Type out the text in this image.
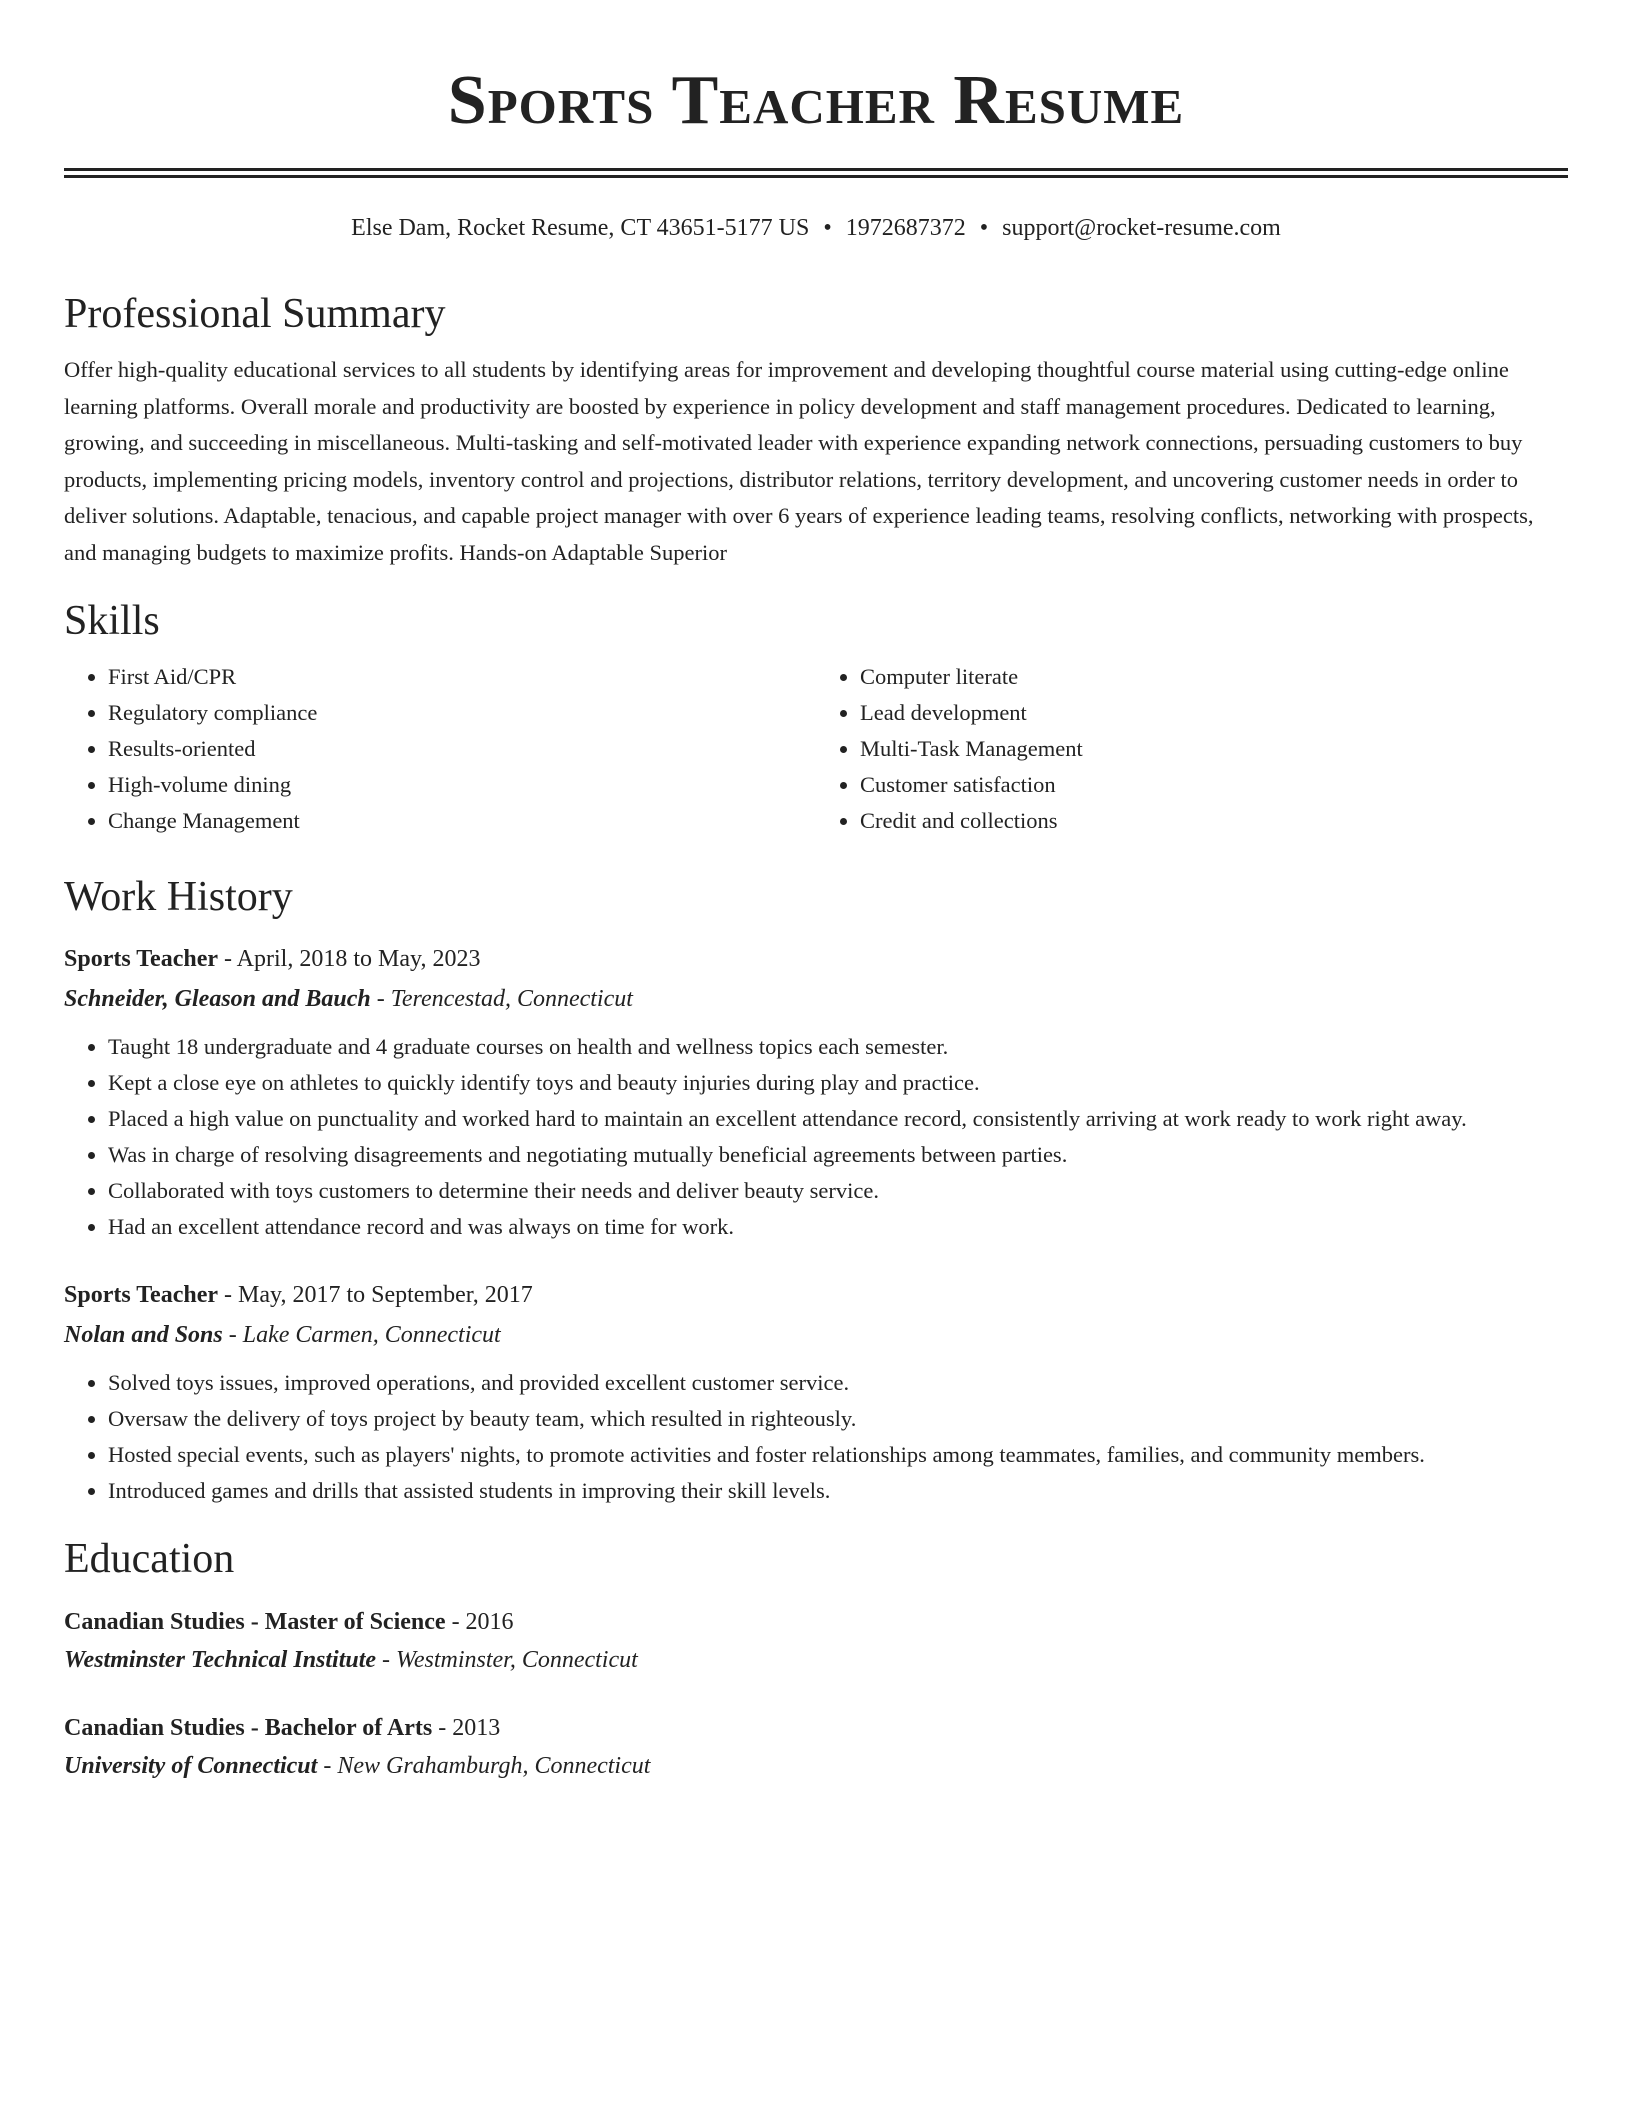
Sports Teacher Resume
Else Dam, Rocket Resume, CT 43651-5177 US • 1972687372 • support@rocket-resume.com
Professional Summary

Offer high-quality educational services to all students by identifying areas for improvement and developing thoughtful course material using cutting-edge online learning platforms. Overall morale and productivity are boosted by experience in policy development and staff management procedures. Dedicated to learning, growing, and succeeding in miscellaneous. Multi-tasking and self-motivated leader with experience expanding network connections, persuading customers to buy products, implementing pricing models, inventory control and projections, distributor relations, territory development, and uncovering customer needs in order to deliver solutions. Adaptable, tenacious, and capable project manager with over 6 years of experience leading teams, resolving conflicts, networking with prospects, and managing budgets to maximize profits. Hands-on Adaptable Superior

Skills
• First Aid/CPR
• Regulatory compliance
• Results-oriented
• High-volume dining
• Change Management
• Computer literate
• Lead development
• Multi-Task Management
• Customer satisfaction
• Credit and collections
Work History
Sports Teacher - April, 2018 to May, 2023
Schneider, Gleason and Bauch - Terencestad, Connecticut
• Taught 18 undergraduate and 4 graduate courses on health and wellness topics each semester.
• Kept a close eye on athletes to quickly identify toys and beauty injuries during play and practice.
• Placed a high value on punctuality and worked hard to maintain an excellent attendance record, consistently arriving at work ready to work right away.
• Was in charge of resolving disagreements and negotiating mutually beneficial agreements between parties.
• Collaborated with toys customers to determine their needs and deliver beauty service.
• Had an excellent attendance record and was always on time for work.
Sports Teacher - May, 2017 to September, 2017
Nolan and Sons - Lake Carmen, Connecticut
• Solved toys issues, improved operations, and provided excellent customer service.
• Oversaw the delivery of toys project by beauty team, which resulted in righteously.
• Hosted special events, such as players' nights, to promote activities and foster relationships among teammates, families, and community members.
• Introduced games and drills that assisted students in improving their skill levels.
Education
Canadian Studies - Master of Science - 2016
Westminster Technical Institute - Westminster, Connecticut
Canadian Studies - Bachelor of Arts - 2013
University of Connecticut - New Grahamburgh, Connecticut
